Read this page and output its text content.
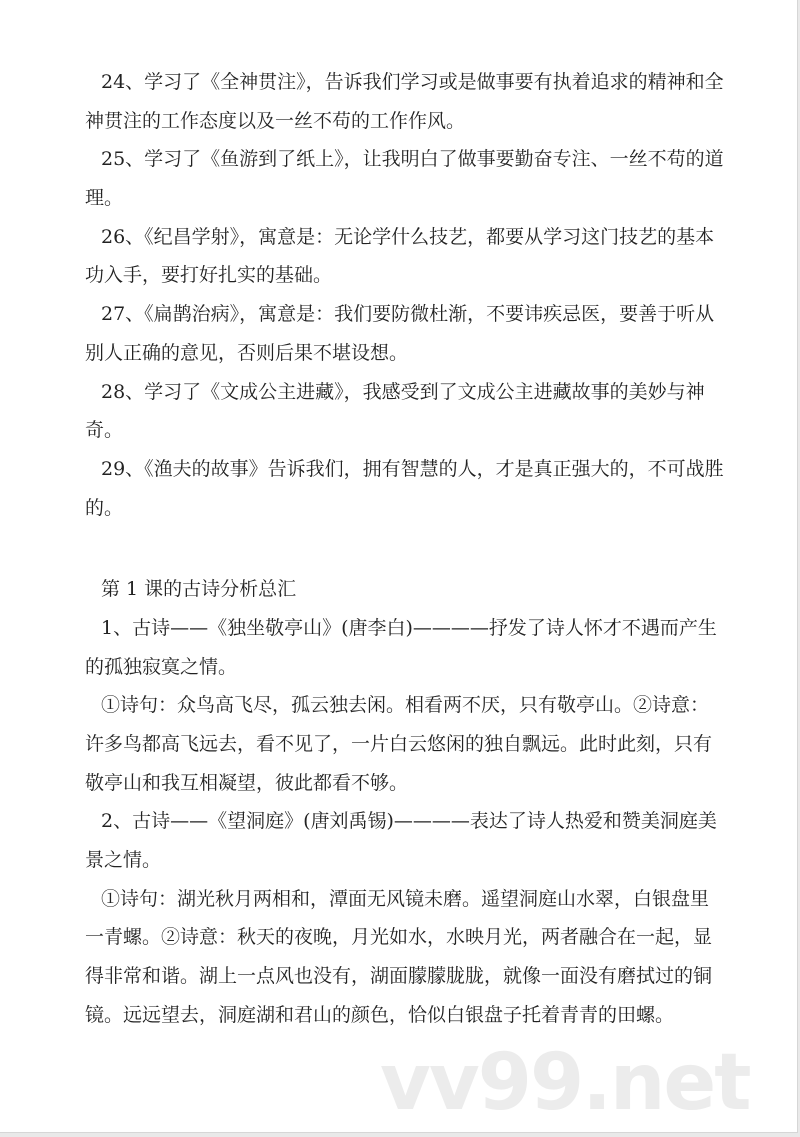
vv99.net
24、学习了《全神贯注》，告诉我们学习或是做事要有执着追求的精神和全
神贯注的工作态度以及一丝不苟的工作作风。
25、学习了《鱼游到了纸上》，让我明白了做事要勤奋专注、一丝不苟的道
理。
26、《纪昌学射》，寓意是：无论学什么技艺，都要从学习这门技艺的基本
功入手，要打好扎实的基础。
27、《扁鹊治病》，寓意是：我们要防微杜渐，不要讳疾忌医，要善于听从
别人正确的意见，否则后果不堪设想。
28、学习了《文成公主进藏》，我感受到了文成公主进藏故事的美妙与神
奇。
29、《渔夫的故事》告诉我们，拥有智慧的人，才是真正强大的，不可战胜
的。
第 1 课的古诗分析总汇
1、古诗——《独坐敬亭山》(唐李白)————抒发了诗人怀才不遇而产生
的孤独寂寞之情。
①诗句：众鸟高飞尽，孤云独去闲。相看两不厌，只有敬亭山。②诗意：
许多鸟都高飞远去，看不见了，一片白云悠闲的独自飘远。此时此刻，只有
敬亭山和我互相凝望，彼此都看不够。
2、古诗——《望洞庭》(唐刘禹锡)————表达了诗人热爱和赞美洞庭美
景之情。
①诗句：湖光秋月两相和，潭面无风镜未磨。遥望洞庭山水翠，白银盘里
一青螺。②诗意：秋天的夜晚，月光如水，水映月光，两者融合在一起，显
得非常和谐。湖上一点风也没有，湖面朦朦胧胧，就像一面没有磨拭过的铜
镜。远远望去，洞庭湖和君山的颜色，恰似白银盘子托着青青的田螺。
